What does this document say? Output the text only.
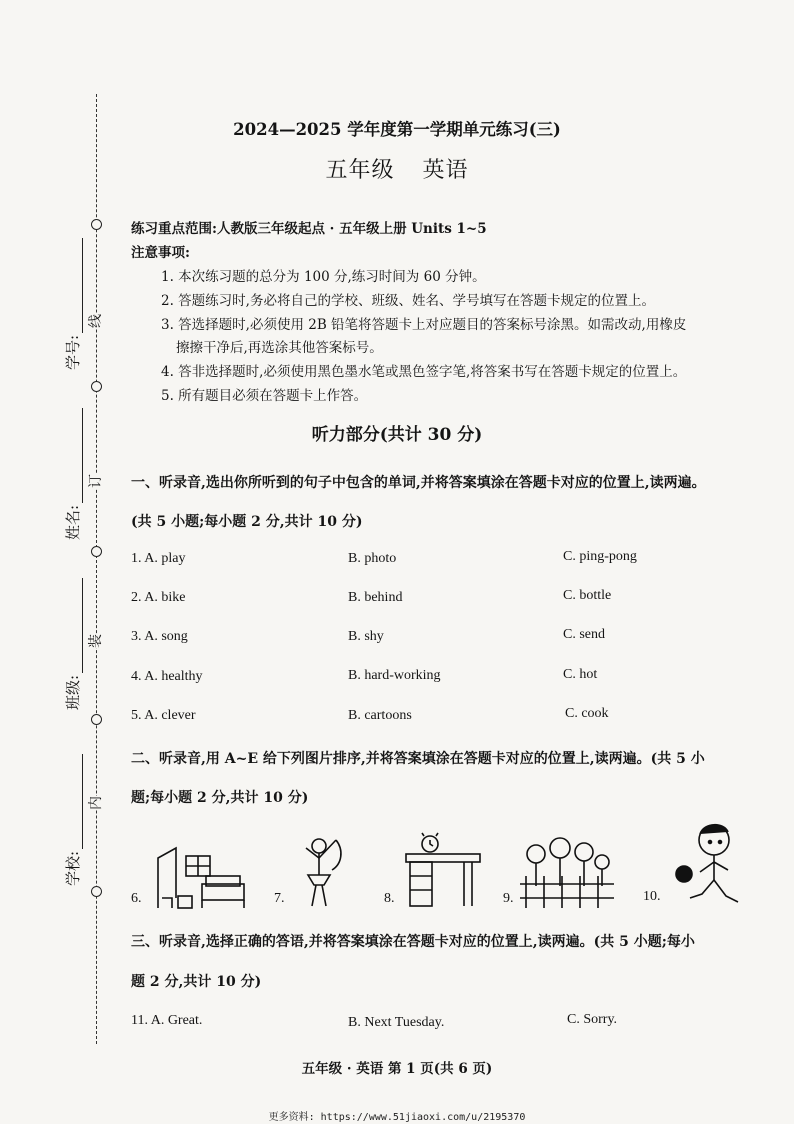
线
订
装
内
学号:
姓名:
班级:
学校:
2024—2025 学年度第一学期单元练习(三)
五年级 英语
练习重点范围:人教版三年级起点 · 五年级上册 Units 1~5
注意事项:
1. 本次练习题的总分为 100 分,练习时间为 60 分钟。
2. 答题练习时,务必将自己的学校、班级、姓名、学号填写在答题卡规定的位置上。
3. 答选择题时,必须使用 2B 铅笔将答题卡上对应题目的答案标号涂黑。如需改动,用橡皮
擦擦干净后,再选涂其他答案标号。
4. 答非选择题时,必须使用黑色墨水笔或黑色签字笔,将答案书写在答题卡规定的位置上。
5. 所有题目必须在答题卡上作答。
听力部分(共计 30 分)
一、听录音,选出你所听到的句子中包含的单词,并将答案填涂在答题卡对应的位置上,读两遍。
(共 5 小题;每小题 2 分,共计 10 分)
1. A. play	B. photo	C. ping-pong
2. A. bike	B. behind	C. bottle
3. A. song	B. shy	C. send
4. A. healthy	B. hard-working	C. hot
5. A. clever	B. cartoons	C. cook
二、听录音,用 A~E 给下列图片排序,并将答案填涂在答题卡对应的位置上,读两遍。(共 5 小
题;每小题 2 分,共计 10 分)
6.	7.	8.	9.	10.
三、听录音,选择正确的答语,并将答案填涂在答题卡对应的位置上,读两遍。(共 5 小题;每小
题 2 分,共计 10 分)
11. A. Great.	B. Next Tuesday.	C. Sorry.
五年级 · 英语 第 1 页(共 6 页)
更多资料: https://www.51jiaoxi.com/u/2195370
